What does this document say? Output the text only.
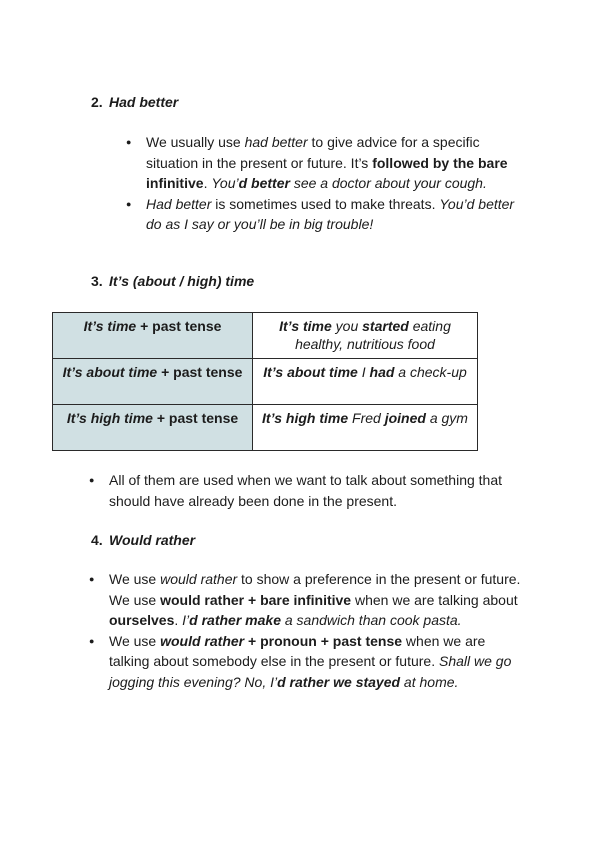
2. Had better
● We usually use had better to give advice for a specific situation in the present or future. It’s followed by the bare infinitive. You’d better see a doctor about your cough.
● Had better is sometimes used to make threats. You’d better do as I say or you’ll be in big trouble!
3. It’s (about / high) time
It’s time + past tense	It’s time you started eating healthy, nutritious food
It’s about time + past tense	It’s about time I had a check-up
It’s high time + past tense	It’s high time Fred joined a gym
● All of them are used when we want to talk about something that should have already been done in the present.
4. Would rather
● We use would rather to show a preference in the present or future. We use would rather + bare infinitive when we are talking about ourselves. I’d rather make a sandwich than cook pasta.
● We use would rather + pronoun + past tense when we are talking about somebody else in the present or future. Shall we go jogging this evening? No, I’d rather we stayed at home.
